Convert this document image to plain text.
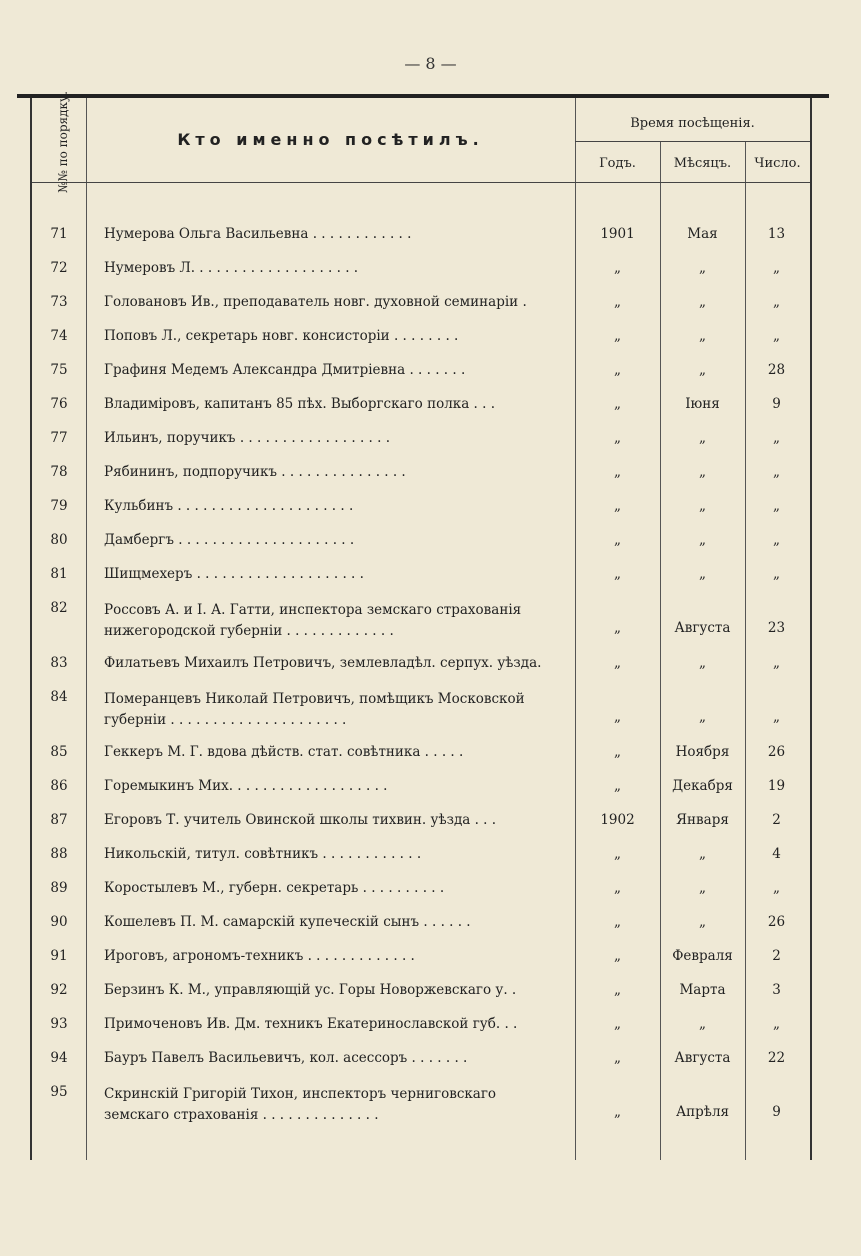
— 8 —
№№ по порядку.	Кто именно посѣтилъ.
Время посѣщенія.
Годъ.	Мѣсяцъ.	Число.
71	Нумерова Ольга Васильевна . . . . . . . . . . . .	1901	Мая	13
72	Нумеровъ Л. . . . . . . . . . . . . . . . . . . .	„	„	„
73	Головановъ Ив., преподаватель новг. духовной семинаріи .	„	„	„
74	Поповъ Л., секретарь новг. консисторіи . . . . . . . .	„	„	„
75	Графиня Медемъ Александра Дмитріевна . . . . . . .	„	„	28
76	Владиміровъ, капитанъ 85 пѣх. Выборгскаго полка . . .	„	Іюня	9
77	Ильинъ, поручикъ . . . . . . . . . . . . . . . . . .	„	„	„
78	Рябининъ, подпоручикъ . . . . . . . . . . . . . . .	„	„	„
79	Кульбинъ . . . . . . . . . . . . . . . . . . . . .	„	„	„
80	Дамбергъ . . . . . . . . . . . . . . . . . . . . .	„	„	„
81	Шищмехеръ . . . . . . . . . . . . . . . . . . . .	„	„	„
82	Россовъ А. и І. А. Гатти, инспектора земскаго страхованія нижегородской губерніи . . . . . . . . . . . . .	„	Августа	23
83	Филатьевъ Михаилъ Петровичъ, землевладѣл. серпух. уѣзда.	„	„	„
84	Померанцевъ Николай Петровичъ, помѣщикъ Московской губерніи . . . . . . . . . . . . . . . . . . . . .	„	„	„
85	Геккеръ М. Г. вдова дѣйств. стат. совѣтника . . . . .	„	Ноября	26
86	Горемыкинъ Мих. . . . . . . . . . . . . . . . . . .	„	Декабря	19
87	Егоровъ Т. учитель Овинской школы тихвин. уѣзда . . .	1902	Января	2
88	Никольскій, титул. совѣтникъ . . . . . . . . . . . .	„	„	4
89	Коростылевъ М., губерн. секретарь . . . . . . . . . .	„	„	„
90	Кошелевъ П. М. самарскій купеческій сынъ . . . . . .	„	„	26
91	Ироговъ, агрономъ-техникъ . . . . . . . . . . . . .	„	Февраля	2
92	Берзинъ К. М., управляющій ус. Горы Новоржевскаго у. .	„	Марта	3
93	Примоченовъ Ив. Дм. техникъ Екатеринославской губ. . .	„	„	„
94	Бауръ Павелъ Васильевичъ, кол. асессоръ . . . . . . .	„	Августа	22
95	Скринскій Григорій Тихон, инспекторъ черниговскаго земскаго страхованія . . . . . . . . . . . . . .	„	Апрѣля	9
